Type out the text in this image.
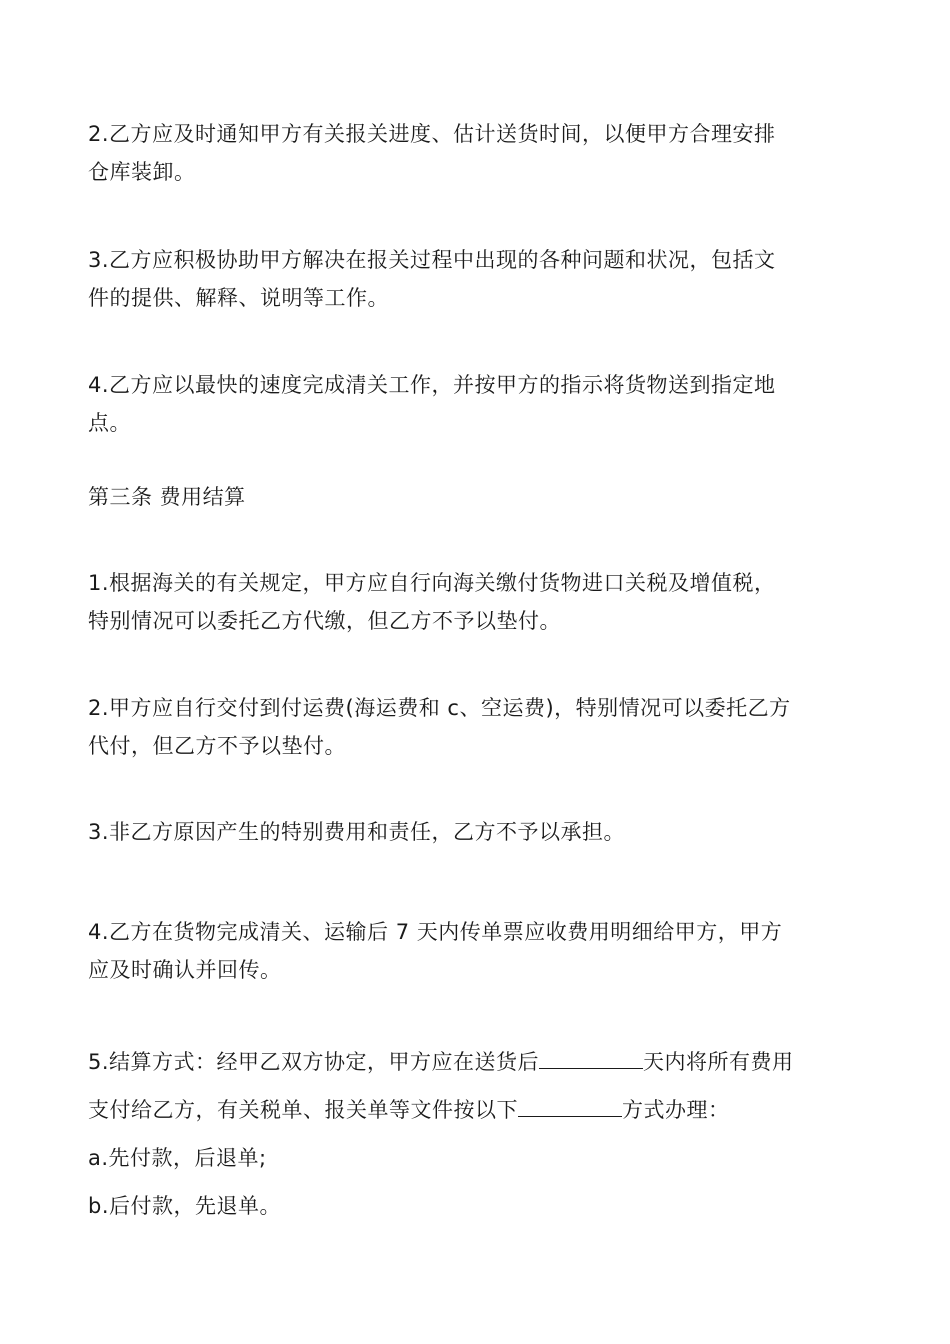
2.乙方应及时通知甲方有关报关进度、估计送货时间，以便甲方合理安排
仓库装卸。

3.乙方应积极协助甲方解决在报关过程中出现的各种问题和状况，包括文
件的提供、解释、说明等工作。

4.乙方应以最快的速度完成清关工作，并按甲方的指示将货物送到指定地
点。

第三条 费用结算

1.根据海关的有关规定，甲方应自行向海关缴付货物进口关税及增值税，
特别情况可以委托乙方代缴，但乙方不予以垫付。

2.甲方应自行交付到付运费(海运费和 c、空运费)，特别情况可以委托乙方
代付，但乙方不予以垫付。

3.非乙方原因产生的特别费用和责任，乙方不予以承担。

4.乙方在货物完成清关、运输后 7 天内传单票应收费用明细给甲方，甲方
应及时确认并回传。

5.结算方式：经甲乙双方协定，甲方应在送货后	天内将所有费用
支付给乙方，有关税单、报关单等文件按以下	方式办理：
a.先付款，后退单;
b.后付款，先退单。
